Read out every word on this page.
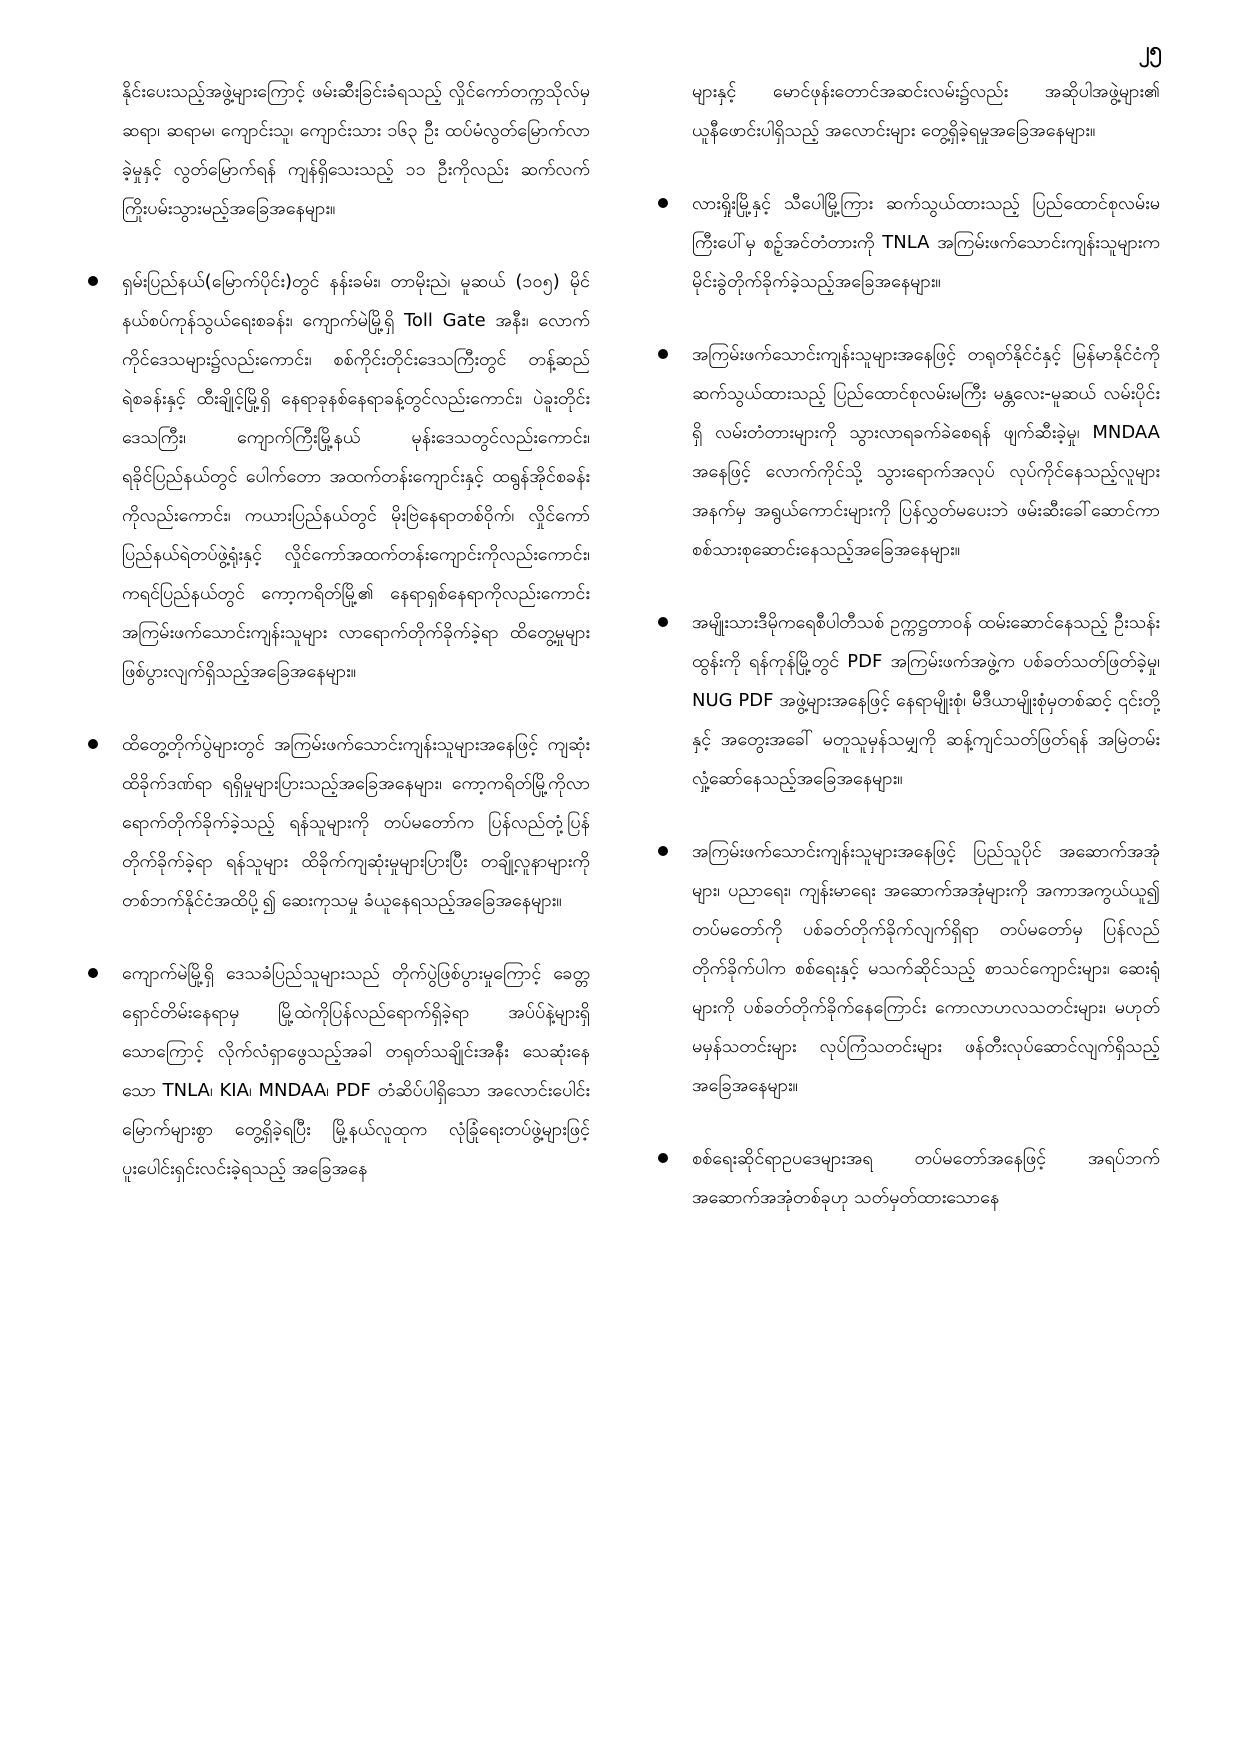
၂၅

နိုင်းပေးသည့်အဖွဲ့များကြောင့် ဖမ်းဆီးခြင်းခံရသည့် လှိုင်ကော်တက္ကသိုလ်မှ ဆရာ၊ ဆရာမ၊ ကျောင်းသူ၊ ကျောင်းသား ၁၆၃ ဦး ထပ်မံလွတ်မြောက်လာခဲ့မှုနှင့် လွတ်မြောက်ရန် ကျန်ရှိသေးသည့် ၁၁ ဦးကိုလည်း ဆက်လက်ကြိုးပမ်းသွားမည့်အခြေအနေများ။

ရှမ်းပြည်နယ်(မြောက်ပိုင်း)တွင် နန်းခမ်း၊ တာမိုးညဲ၊ မူဆယ် (၁၀၅) မိုင် နယ်စပ်ကုန်သွယ်ရေးစခန်း၊ ကျောက်မဲမြို့ရှိ Toll Gate အနီး၊ လောက်ကိုင်ဒေသများ၌လည်းကောင်း၊ စစ်ကိုင်းတိုင်းဒေသကြီးတွင် တန့်ဆည်ရဲစခန်းနှင့် ထီးချိုင့်မြို့ရှိ နေရာခုနစ်နေရာခန့်တွင်လည်းကောင်း၊ ပဲခူးတိုင်းဒေသကြီး၊ ကျောက်ကြီးမြို့နယ် မုန်းဒေသတွင်လည်းကောင်း၊ ရခိုင်ပြည်နယ်တွင် ပေါက်တော အထက်တန်းကျောင်းနှင့် ထရွန်အိုင်စခန်းကိုလည်းကောင်း၊ ကယားပြည်နယ်တွင် မိုးဗြဲနေရာတစ်ဝိုက်၊ လှိုင်ကော်ပြည်နယ်ရဲတပ်ဖွဲ့ရုံးနှင့် လှိုင်ကော်အထက်တန်းကျောင်းကိုလည်းကောင်း၊ ကရင်ပြည်နယ်တွင် ကော့ကရိတ်မြို့၏ နေရာရှစ်နေရာကိုလည်းကောင်း အကြမ်းဖက်သောင်းကျန်းသူများ လာရောက်တိုက်ခိုက်ခဲ့ရာ ထိတွေ့မှုများ ဖြစ်ပွားလျက်ရှိသည့်အခြေအနေများ။
ထိတွေ့တိုက်ပွဲများတွင် အကြမ်းဖက်သောင်းကျန်းသူများအနေဖြင့် ကျဆုံးထိခိုက်ဒဏ်ရာ ရရှိမှုများပြားသည့်အခြေအနေများ၊ ကော့ကရိတ်မြို့ကိုလာရောက်တိုက်ခိုက်ခဲ့သည့် ရန်သူများကို တပ်မတော်က ပြန်လည်တုံ့ပြန်တိုက်ခိုက်ခဲ့ရာ ရန်သူများ ထိခိုက်ကျဆုံးမှုများပြားပြီး တချို့လူနာများကို တစ်ဘက်နိုင်ငံအထိပို့၍ ဆေးကုသမှု ခံယူနေရသည့်အခြေအနေများ။
ကျောက်မဲမြို့ရှိ ဒေသခံပြည်သူများသည် တိုက်ပွဲဖြစ်ပွားမှုကြောင့် ခေတ္တရှောင်တိမ်းနေရာမှ မြို့ထဲကိုပြန်လည်ရောက်ရှိခဲ့ရာ အပ်ပ်နဲ့များရှိသောကြောင့် လိုက်လံရှာဖွေသည့်အခါ တရုတ်သချိုင်းအနီး သေဆုံးနေသော TNLA၊ KIA၊ MNDAA၊ PDF တံဆိပ်ပါရှိသော အလောင်းပေါင်းမြောက်များစွာ တွေ့ရှိခဲ့ရပြီး မြို့နယ်လူထုက လုံခြုံရေးတပ်ဖွဲ့များဖြင့် ပူးပေါင်းရှင်းလင်းခဲ့ရသည့် အခြေအနေ

များနှင့် မောင်ဖုန်းတောင်အဆင်းလမ်း၌လည်း အဆိုပါအဖွဲ့များ၏ ယူနီဖောင်းပါရှိသည့် အလောင်းများ တွေ့ရှိခဲ့ရမှုအခြေအနေများ။

လားရှိုးမြို့နှင့် သီပေါမြို့ကြား ဆက်သွယ်ထားသည့် ပြည်ထောင်စုလမ်းမကြီးပေါ်မှ စဉ့်အင်တံတားကို TNLA အကြမ်းဖက်သောင်းကျန်းသူများက မိုင်းခွဲတိုက်ခိုက်ခဲ့သည့်အခြေအနေများ။
အကြမ်းဖက်သောင်းကျန်းသူများအနေဖြင့် တရုတ်နိုင်ငံနှင့် မြန်မာနိုင်ငံကို ဆက်သွယ်ထားသည့် ပြည်ထောင်စုလမ်းမကြီး မန္တလေး-မူဆယ် လမ်းပိုင်းရှိ လမ်းတံတားများကို သွားလာရခက်ခဲစေရန် ဖျက်ဆီးခဲ့မှု၊ MNDAA အနေဖြင့် လောက်ကိုင်သို့ သွားရောက်အလုပ် လုပ်ကိုင်နေသည့်လူများအနက်မှ အရွယ်ကောင်းများကို ပြန်လွှတ်မပေးဘဲ ဖမ်းဆီးခေါ်ဆောင်ကာ စစ်သားစုဆောင်းနေသည့်အခြေအနေများ။
အမျိုးသားဒီမိုကရေစီပါတီသစ် ဥက္ကဋ္ဌတာဝန် ထမ်းဆောင်နေသည့် ဦးသန်းထွန်းကို ရန်ကုန်မြို့တွင် PDF အကြမ်းဖက်အဖွဲ့က ပစ်ခတ်သတ်ဖြတ်ခဲ့မှု၊ NUG PDF အဖွဲ့များအနေဖြင့် နေရာမျိုးစုံ၊ မီဒီယာမျိုးစုံမှတစ်ဆင့် ၎င်းတို့နှင့် အတွေးအခေါ် မတူသူမှန်သမျှကို ဆန့်ကျင်သတ်ဖြတ်ရန် အမြဲတမ်းလှုံ့ဆော်နေသည့်အခြေအနေများ။
အကြမ်းဖက်သောင်းကျန်းသူများအနေဖြင့် ပြည်သူပိုင် အဆောက်အအုံများ၊ ပညာရေး၊ ကျန်းမာရေး အဆောက်အအုံများကို အကာအကွယ်ယူ၍ တပ်မတော်ကို ပစ်ခတ်တိုက်ခိုက်လျက်ရှိရာ တပ်မတော်မှ ပြန်လည်တိုက်ခိုက်ပါက စစ်ရေးနှင့် မသက်ဆိုင်သည့် စာသင်ကျောင်းများ၊ ဆေးရုံများကို ပစ်ခတ်တိုက်ခိုက်နေကြောင်း ကောလာဟလသတင်းများ၊ မဟုတ်မမှန်သတင်းများ လုပ်ကြံသတင်းများ ဖန်တီးလုပ်ဆောင်လျက်ရှိသည့်အခြေအနေများ။
စစ်ရေးဆိုင်ရာဥပဒေများအရ တပ်မတော်အနေဖြင့် အရပ်ဘက်အဆောက်အအုံတစ်ခုဟု သတ်မှတ်ထားသောနေ
